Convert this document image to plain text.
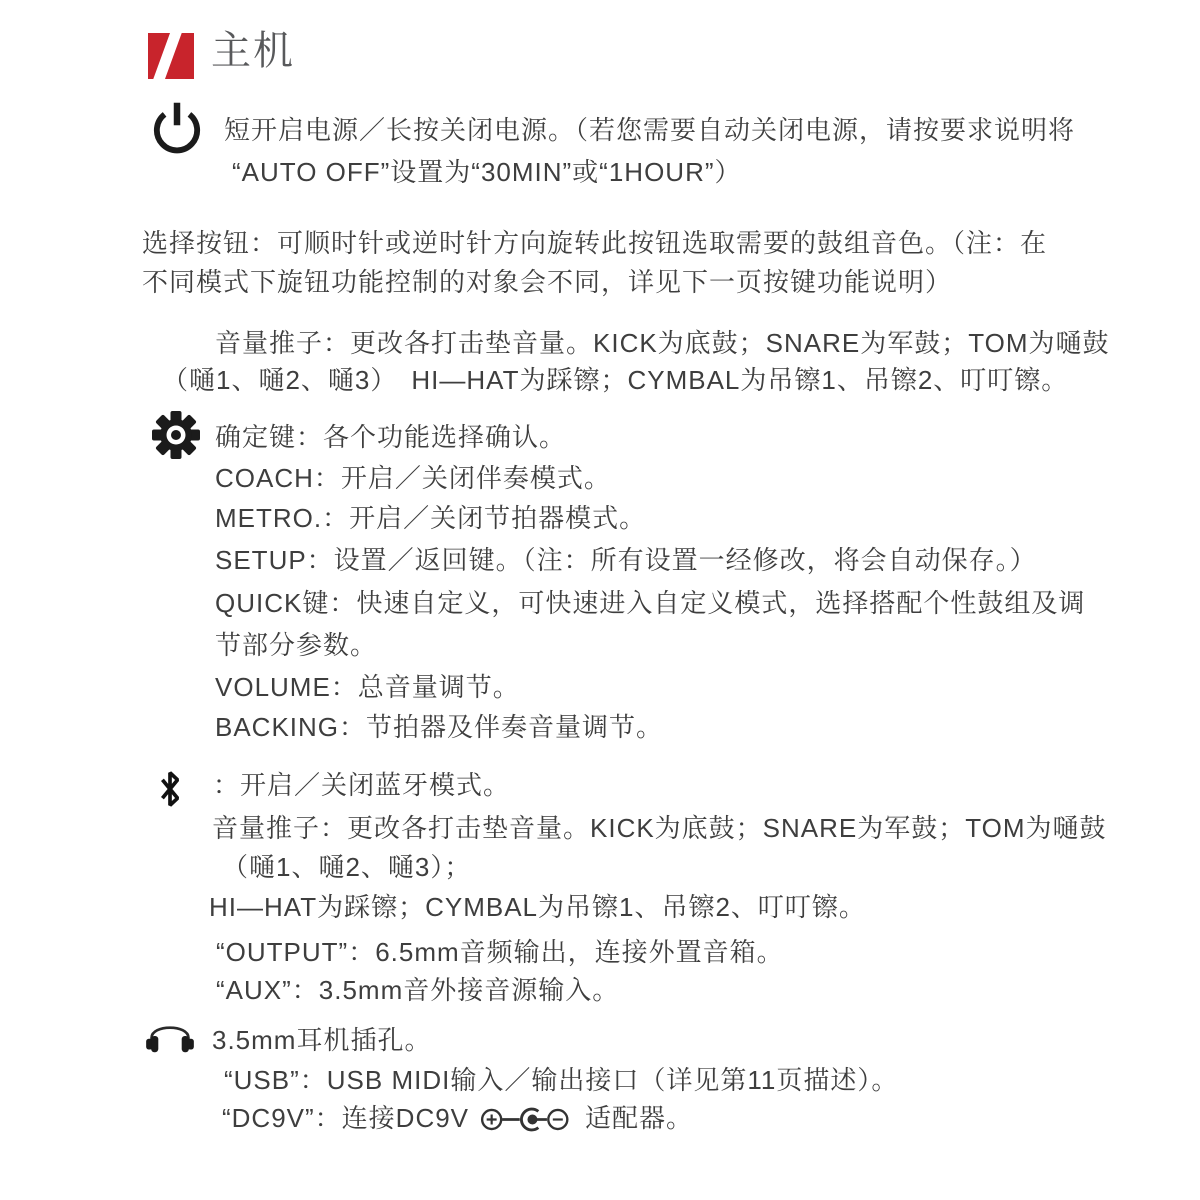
主机
短开启电源／长按关闭电源。（若您需要自动关闭电源，请按要求说明将
“AUTO OFF”设置为“30MIN”或“1HOUR”）
选择按钮：可顺时针或逆时针方向旋转此按钮选取需要的鼓组音色。（注：在
不同模式下旋钮功能控制的对象会不同，详见下一页按键功能说明）
音量推子：更改各打击垫音量。KICK为底鼓；SNARE为军鼓；TOM为嗵鼓
（嗵1、嗵2、嗵3）　HI—HAT为踩镲；CYMBAL为吊镲1、吊镲2、叮叮镲。
确定键：各个功能选择确认。
COACH：开启／关闭伴奏模式。
METRO.：开启／关闭节拍器模式。
SETUP：设置／返回键。（注：所有设置一经修改，将会自动保存。）
QUICK键：快速自定义，可快速进入自定义模式，选择搭配个性鼓组及调
节部分参数。
VOLUME：总音量调节。
BACKING：节拍器及伴奏音量调节。
：开启／关闭蓝牙模式。
音量推子：更改各打击垫音量。KICK为底鼓；SNARE为军鼓；TOM为嗵鼓
（嗵1、嗵2、嗵3）；
HI—HAT为踩镲；CYMBAL为吊镲1、吊镲2、叮叮镲。
“OUTPUT”：6.5mm音频输出，连接外置音箱。
“AUX”：3.5mm音外接音源输入。
3.5mm耳机插孔。
“USB”：USB MIDI输入／输出接口（详见第11页描述）。
“DC9V”：连接DC9V	适配器。
